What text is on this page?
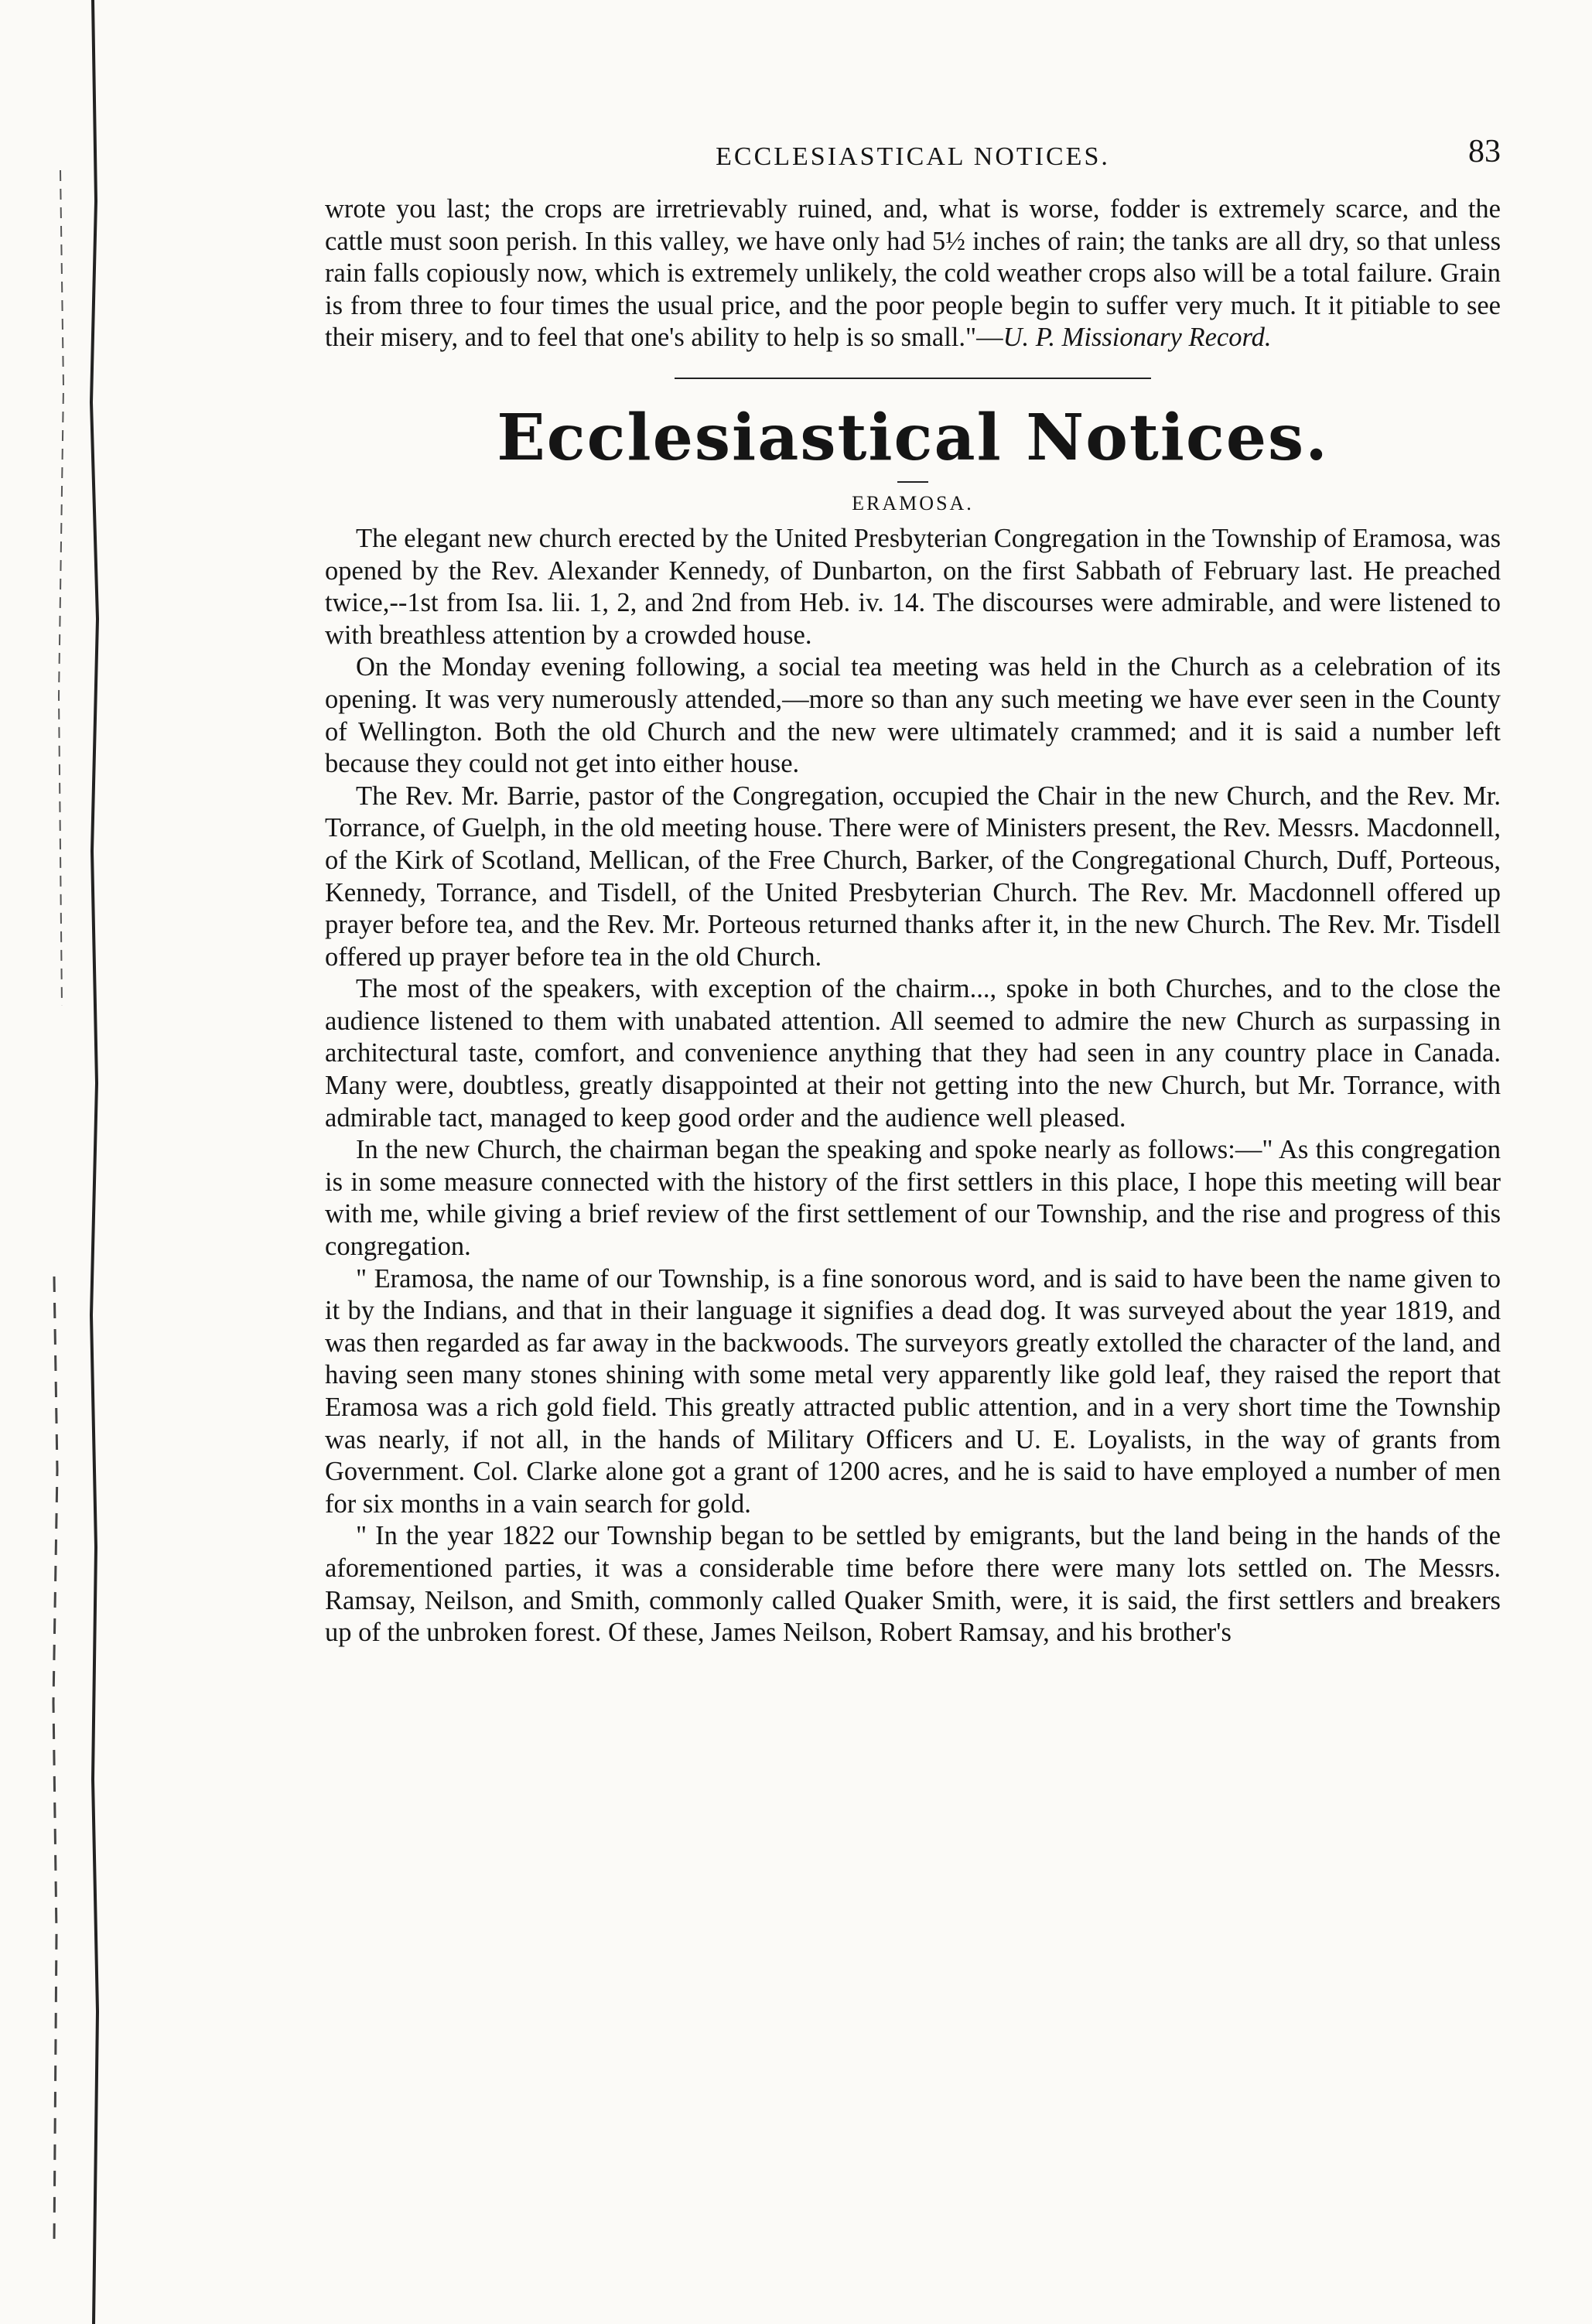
ECCLESIASTICAL NOTICES.	83

wrote you last; the crops are irretrievably ruined, and, what is worse, fodder is extremely scarce, and the cattle must soon perish. In this valley, we have only had 5½ inches of rain; the tanks are all dry, so that unless rain falls copiously now, which is extremely unlikely, the cold weather crops also will be a total failure. Grain is from three to four times the usual price, and the poor people begin to suffer very much. It it pitiable to see their misery, and to feel that one's ability to help is so small."—U. P. Missionary Record.

Ecclesiastical Notices.
ERAMOSA.

The elegant new church erected by the United Presbyterian Congregation in the Township of Eramosa, was opened by the Rev. Alexander Kennedy, of Dunbarton, on the first Sabbath of February last. He preached twice,--1st from Isa. lii. 1, 2, and 2nd from Heb. iv. 14. The discourses were admirable, and were listened to with breathless attention by a crowded house.

On the Monday evening following, a social tea meeting was held in the Church as a celebration of its opening. It was very numerously attended,—more so than any such meeting we have ever seen in the County of Wellington. Both the old Church and the new were ultimately crammed; and it is said a number left because they could not get into either house.

The Rev. Mr. Barrie, pastor of the Congregation, occupied the Chair in the new Church, and the Rev. Mr. Torrance, of Guelph, in the old meeting house. There were of Ministers present, the Rev. Messrs. Macdonnell, of the Kirk of Scotland, Mellican, of the Free Church, Barker, of the Congregational Church, Duff, Porteous, Kennedy, Torrance, and Tisdell, of the United Presbyterian Church. The Rev. Mr. Macdonnell offered up prayer before tea, and the Rev. Mr. Porteous returned thanks after it, in the new Church. The Rev. Mr. Tisdell offered up prayer before tea in the old Church.

The most of the speakers, with exception of the chairm..., spoke in both Churches, and to the close the audience listened to them with unabated attention. All seemed to admire the new Church as surpassing in architectural taste, comfort, and convenience anything that they had seen in any country place in Canada. Many were, doubtless, greatly disappointed at their not getting into the new Church, but Mr. Torrance, with admirable tact, managed to keep good order and the audience well pleased.

In the new Church, the chairman began the speaking and spoke nearly as follows:—" As this congregation is in some measure connected with the history of the first settlers in this place, I hope this meeting will bear with me, while giving a brief review of the first settlement of our Township, and the rise and progress of this congregation.

" Eramosa, the name of our Township, is a fine sonorous word, and is said to have been the name given to it by the Indians, and that in their language it signifies a dead dog. It was surveyed about the year 1819, and was then regarded as far away in the backwoods. The surveyors greatly extolled the character of the land, and having seen many stones shining with some metal very apparently like gold leaf, they raised the report that Eramosa was a rich gold field. This greatly attracted public attention, and in a very short time the Township was nearly, if not all, in the hands of Military Officers and U. E. Loyalists, in the way of grants from Government. Col. Clarke alone got a grant of 1200 acres, and he is said to have employed a number of men for six months in a vain search for gold.

" In the year 1822 our Township began to be settled by emigrants, but the land being in the hands of the aforementioned parties, it was a considerable time before there were many lots settled on. The Messrs. Ramsay, Neilson, and Smith, commonly called Quaker Smith, were, it is said, the first settlers and breakers up of the unbroken forest. Of these, James Neilson, Robert Ramsay, and his brother's
